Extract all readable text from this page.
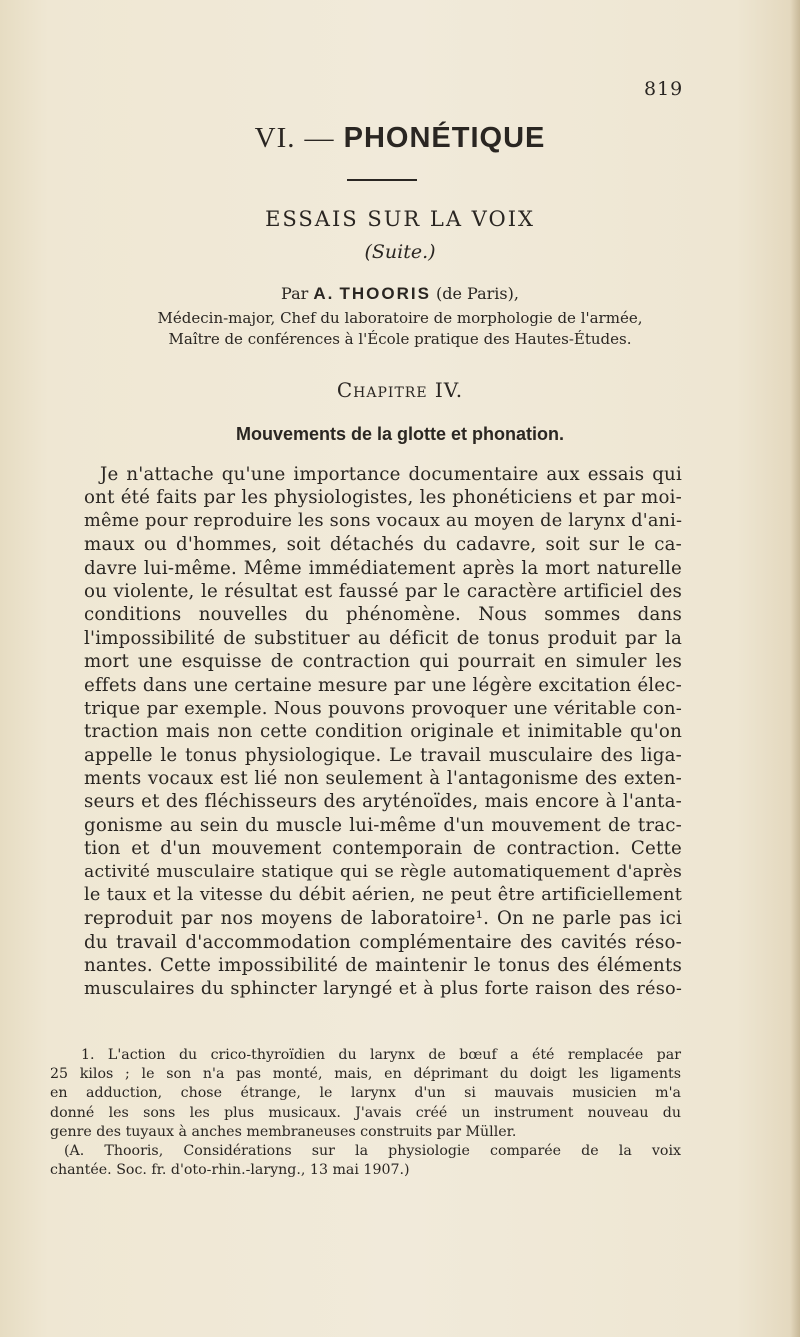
819
VI. — PHONÉTIQUE
ESSAIS SUR LA VOIX
(Suite.)
Par A. THOORIS (de Paris),
Médecin-major, Chef du laboratoire de morphologie de l'armée,
Maître de conférences à l'École pratique des Hautes-Études.
Chapitre IV.
Mouvements de la glotte et phonation.
Je n'attache qu'une importance documentaire aux essais qui
ont été faits par les physiologistes, les phonéticiens et par moi-
même pour reproduire les sons vocaux au moyen de larynx d'ani-
maux ou d'hommes, soit détachés du cadavre, soit sur le ca-
davre lui-même. Même immédiatement après la mort naturelle
ou violente, le résultat est faussé par le caractère artificiel des
conditions nouvelles du phénomène. Nous sommes dans
l'impossibilité de substituer au déficit de tonus produit par la
mort une esquisse de contraction qui pourrait en simuler les
effets dans une certaine mesure par une légère excitation élec-
trique par exemple. Nous pouvons provoquer une véritable con-
traction mais non cette condition originale et inimitable qu'on
appelle le tonus physiologique. Le travail musculaire des liga-
ments vocaux est lié non seulement à l'antagonisme des exten-
seurs et des fléchisseurs des aryténoïdes, mais encore à l'anta-
gonisme au sein du muscle lui-même d'un mouvement de trac-
tion et d'un mouvement contemporain de contraction. Cette
activité musculaire statique qui se règle automatiquement d'après
le taux et la vitesse du débit aérien, ne peut être artificiellement
reproduit par nos moyens de laboratoire¹. On ne parle pas ici
du travail d'accommodation complémentaire des cavités réso-
nantes. Cette impossibilité de maintenir le tonus des éléments
musculaires du sphincter laryngé et à plus forte raison des réso-
1. L'action du crico-thyroïdien du larynx de bœuf a été remplacée par
25 kilos ; le son n'a pas monté, mais, en déprimant du doigt les ligaments
en adduction, chose étrange, le larynx d'un si mauvais musicien m'a
donné les sons les plus musicaux. J'avais créé un instrument nouveau du
genre des tuyaux à anches membraneuses construits par Müller.
(A. Thooris, Considérations sur la physiologie comparée de la voix
chantée. Soc. fr. d'oto-rhin.-laryng., 13 mai 1907.)
